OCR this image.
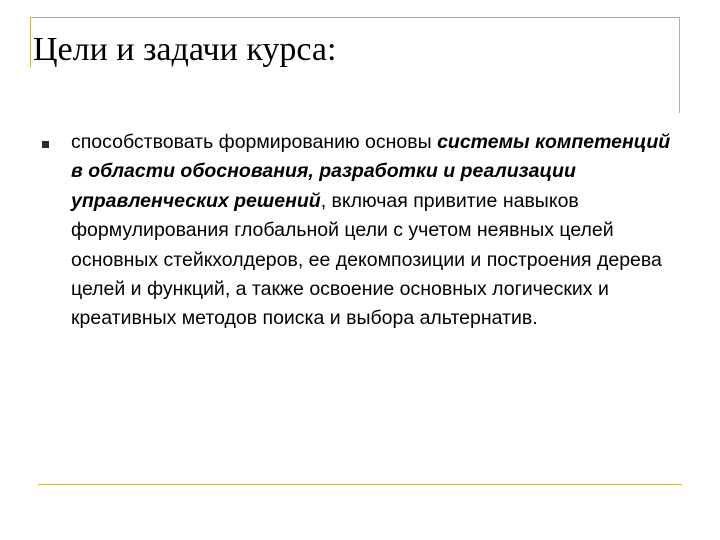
Цели и задачи курса:
способствовать формированию основы системы компетенций в области обоснования, разработки и реализации управленческих решений, включая привитие навыков формулирования глобальной цели с учетом неявных целей основных стейкхолдеров, ее декомпозиции и построения дерева целей и функций, а также освоение основных логических и креативных методов поиска и выбора альтернатив.
